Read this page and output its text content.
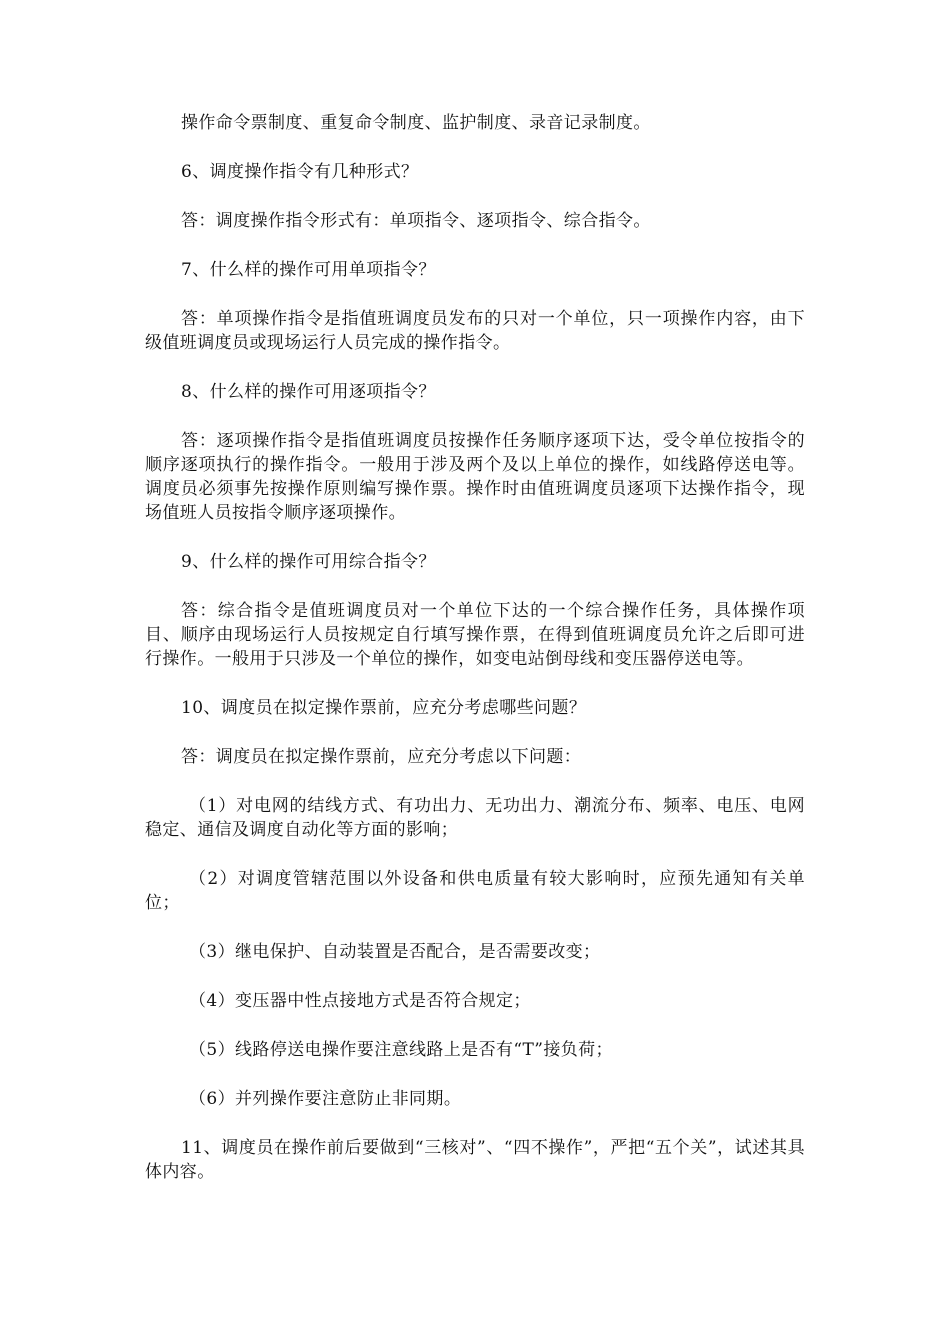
操作命令票制度、重复命令制度、监护制度、录音记录制度。

6、调度操作指令有几种形式？

答：调度操作指令形式有：单项指令、逐项指令、综合指令。

7、什么样的操作可用单项指令？

答：单项操作指令是指值班调度员发布的只对一个单位，只一项操作内容，由下级值班调度员或现场运行人员完成的操作指令。

8、什么样的操作可用逐项指令？

答：逐项操作指令是指值班调度员按操作任务顺序逐项下达，受令单位按指令的顺序逐项执行的操作指令。一般用于涉及两个及以上单位的操作，如线路停送电等。调度员必须事先按操作原则编写操作票。操作时由值班调度员逐项下达操作指令，现场值班人员按指令顺序逐项操作。

9、什么样的操作可用综合指令？

答：综合指令是值班调度员对一个单位下达的一个综合操作任务，具体操作项目、顺序由现场运行人员按规定自行填写操作票，在得到值班调度员允许之后即可进行操作。一般用于只涉及一个单位的操作，如变电站倒母线和变压器停送电等。

10、调度员在拟定操作票前，应充分考虑哪些问题？

答：调度员在拟定操作票前，应充分考虑以下问题：

（1）对电网的结线方式、有功出力、无功出力、潮流分布、频率、电压、电网稳定、通信及调度自动化等方面的影响；

（2）对调度管辖范围以外设备和供电质量有较大影响时，应预先通知有关单位；

（3）继电保护、自动装置是否配合，是否需要改变；

（4）变压器中性点接地方式是否符合规定；

（5）线路停送电操作要注意线路上是否有“T”接负荷；

（6）并列操作要注意防止非同期。

11、调度员在操作前后要做到“三核对”、“四不操作”，严把“五个关”，试述其具体内容。
